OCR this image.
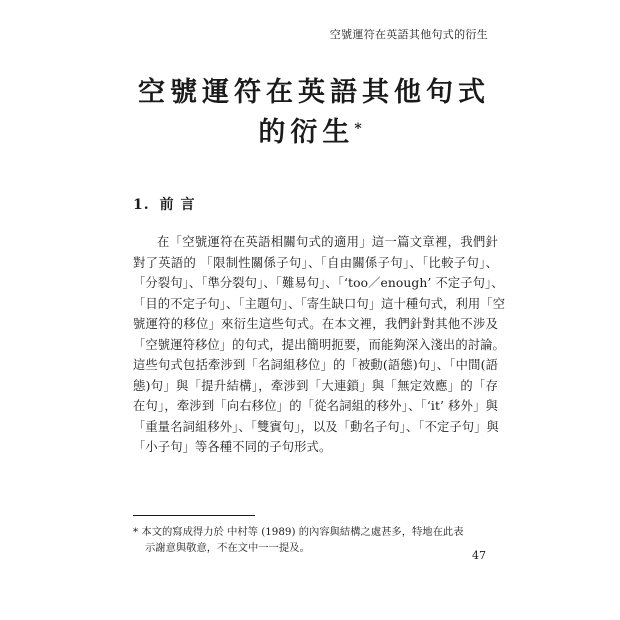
空號運符在英語其他句式的衍生
空號運符在英語其他句式
的衍生*
1. 前 言
在「空號運符在英語相關句式的適用」這一篇文章裡，我們針
對了英語的 「限制性關係子句」、「自由關係子句」、「比較子句」、
「分裂句」、「準分裂句」、「難易句」、「‘too／enough’ 不定子句」、
「目的不定子句」、「主題句」、「寄生缺口句」這十種句式，利用「空
號運符的移位」來衍生這些句式。在本文裡，我們針對其他不涉及
「空號運符移位」的句式，提出簡明扼要，而能夠深入淺出的討論。
這些句式包括牽涉到「名詞組移位」的「被動(語態)句」、「中間(語
態)句」與「提升結構」，牽涉到「大連鎖」與「無定效應」的「存
在句」，牽涉到「向右移位」的「從名詞組的移外」、「‘it’ 移外」與
「重量名詞組移外」、「雙賓句」，以及「動名子句」、「不定子句」與
「小子句」等各種不同的子句形式。
* 本文的寫成得力於 中村等 (1989) 的內容與結構之處甚多，特地在此表
示謝意與敬意，不在文中一一提及。
47
